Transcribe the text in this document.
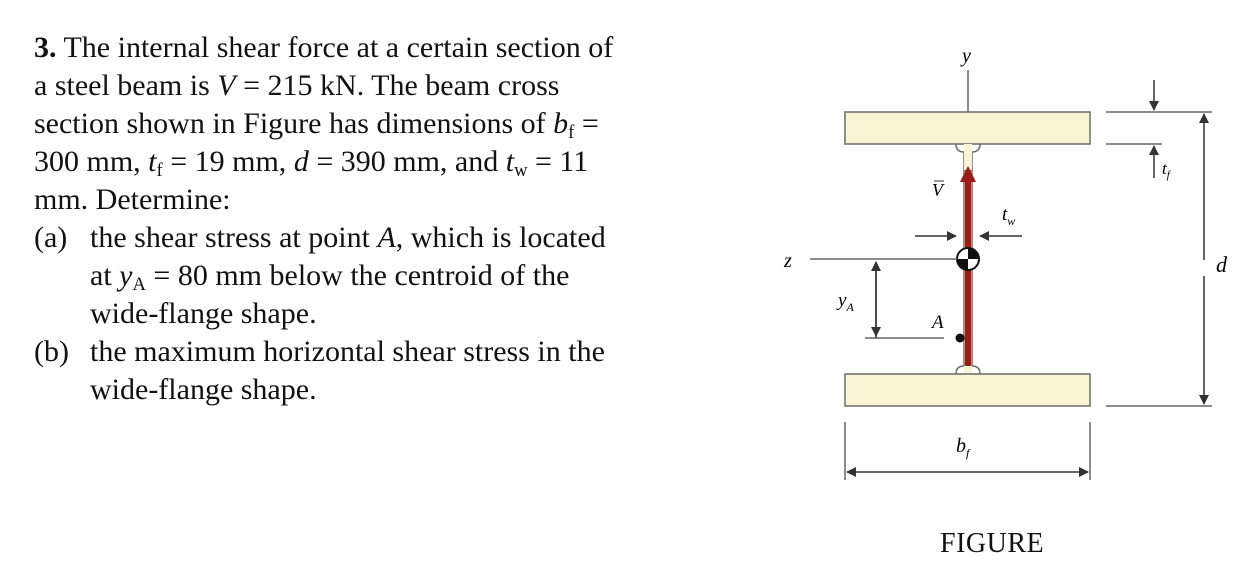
3. The internal shear force at a certain section of
a steel beam is V = 215 kN. The beam cross
section shown in Figure has dimensions of bf =
300 mm, tf = 19 mm, d = 390 mm, and tw = 11
mm. Determine:
(a) the shear stress at point A, which is located
at yA = 80 mm below the centroid of the
wide-flange shape.
(b) the maximum horizontal shear stress in the
wide-flange shape.
y
V
z
$t_w$
A
$y_A$
$t_f$
d
$b_f$
FIGURE
